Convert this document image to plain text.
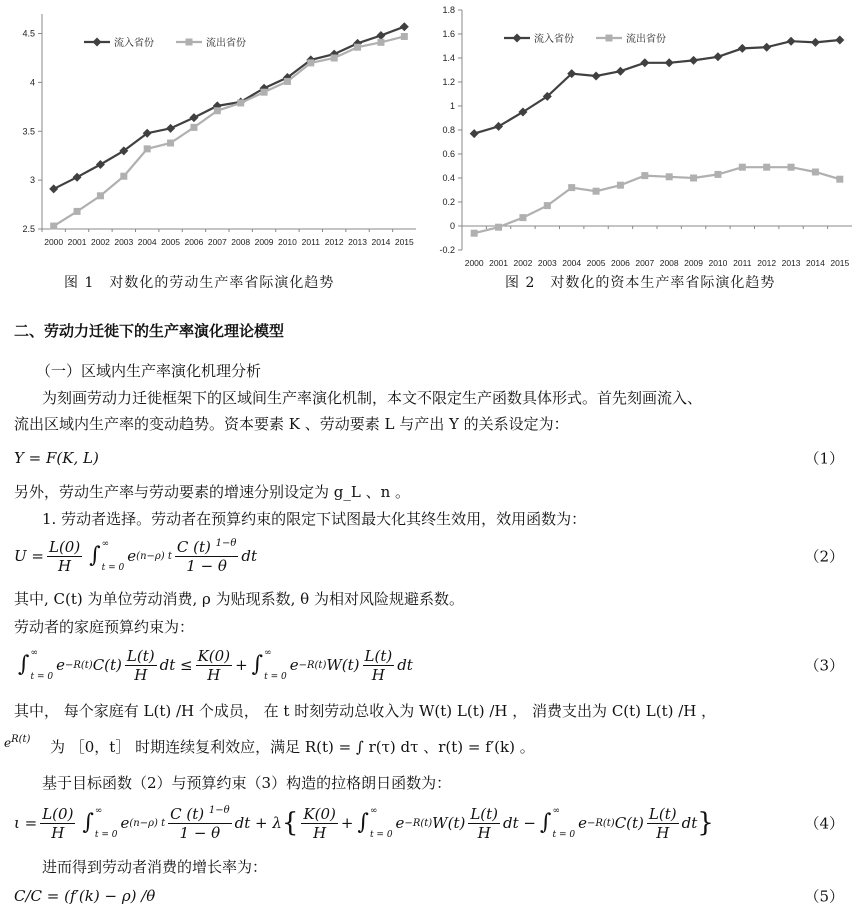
2.5
3
3.5
4
4.5
2000 2001 2002 2003 2004 2005 2006 2007 2008 2009 2010 2011 2012 2013 2014 2015
流入省份	流出省份
-0.2
0
0.2
0.4
0.6
0.8
1
1.2
1.4
1.6
1.8
2000 2001 2002 2003 2004 2005 2006 2007 2008 2009 2010 2011 2012 2013 2014 2015
流入省份	流出省份
图 1　对数化的劳动生产率省际演化趋势	图 2　对数化的资本生产率省际演化趋势
二、劳动力迁徙下的生产率演化理论模型
（一）区域内生产率演化机理分析
为刻画劳动力迁徙框架下的区域间生产率演化机制，本文不限定生产函数具体形式。首先刻画流入、
流出区域内生产率的变动趋势。资本要素 K 、劳动要素 L 与产出 Y 的关系设定为：
Y = F(K, L)	（1）
另外，劳动生产率与劳动要素的增速分别设定为 g_L 、n 。
1. 劳动者选择。劳动者在预算约束的限定下试图最大化其终生效用，效用函数为：
U =
L(0)
H ∫ ∞
t = 0
e (n−ρ) t
C (t) $^{1-\theta}$
1 − θ
dt	（2）
其中, C(t) 为单位劳动消费, ρ 为贴现系数, θ 为相对风险规避系数。
劳动者的家庭预算约束为：
∫ ∞
t = 0
e −R(t) C(t)
L(t)
H
dt ≤
K(0)
H
+ ∫ ∞
t = 0
e −R(t) W(t)
L(t)
H
dt	（3）
其中， 每个家庭有 L(t) /H 个成员， 在 t 时刻劳动总收入为 W(t) L(t) /H ， 消费支出为 C(t) L(t) /H ，
$e^{R(t)}$ 为 ［0，t］ 时期连续复利效应，满足 R(t) = ∫ r(τ) dτ 、r(t) = f′(k) 。
基于目标函数（2）与预算约束（3）构造的拉格朗日函数为：
ι =
L(0)
H ∫ ∞
t = 0
e (n−ρ) t
C (t) $^{1-\theta}$
1 − θ
dt + λ { K(0)
H
+ ∫ ∞
t = 0
e −R(t) W(t)
L(t)
H
dt − ∫ ∞
t = 0
e −R(t) C(t)
L(t)
H
dt }	（4）
进而得到劳动者消费的增长率为：
C/C = (f′(k) − ρ) /θ	（5）
